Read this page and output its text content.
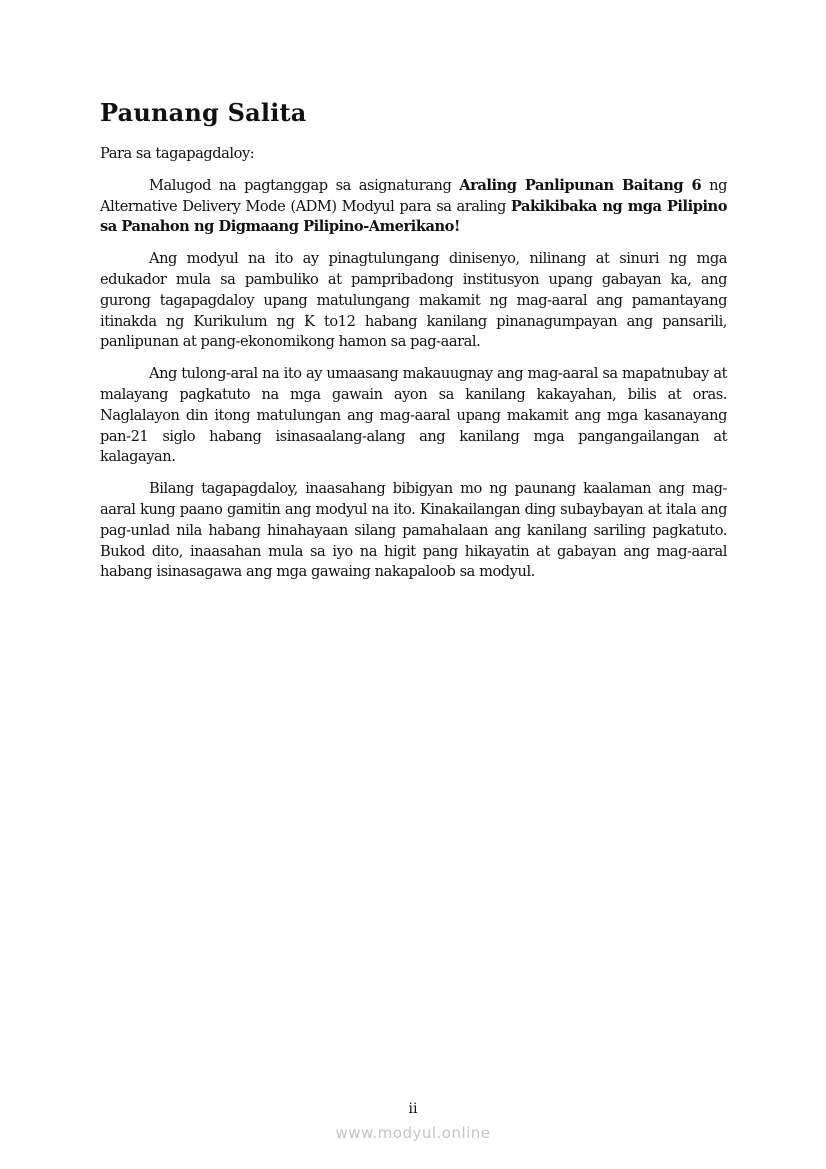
Paunang Salita

Para sa tagapagdaloy:

Malugod na pagtanggap sa asignaturang Araling Panlipunan Baitang 6 ng Alternative Delivery Mode (ADM) Modyul para sa araling Pakikibaka ng mga Pilipino sa Panahon ng Digmaang Pilipino-Amerikano!

Ang modyul na ito ay pinagtulungang dinisenyo, nilinang at sinuri ng mga edukador mula sa pambuliko at pampribadong institusyon upang gabayan ka, ang gurong tagapagdaloy upang matulungang makamit ng mag-aaral ang pamantayang itinakda ng Kurikulum ng K to12 habang kanilang pinanagumpayan ang pansarili, panlipunan at pang-ekonomikong hamon sa pag-aaral.

Ang tulong-aral na ito ay umaasang makauugnay ang mag-aaral sa mapatnubay at malayang pagkatuto na mga gawain ayon sa kanilang kakayahan, bilis at oras. Naglalayon din itong matulungan ang mag-aaral upang makamit ang mga kasanayang pan-21 siglo habang isinasaalang-alang ang kanilang mga pangangailangan at kalagayan.

Bilang tagapagdaloy, inaasahang bibigyan mo ng paunang kaalaman ang mag-aaral kung paano gamitin ang modyul na ito. Kinakailangan ding subaybayan at itala ang pag-unlad nila habang hinahayaan silang pamahalaan ang kanilang sariling pagkatuto. Bukod dito, inaasahan mula sa iyo na higit pang hikayatin at gabayan ang mag-aaral habang isinasagawa ang mga gawaing nakapaloob sa modyul.

ii
www.modyul.online
